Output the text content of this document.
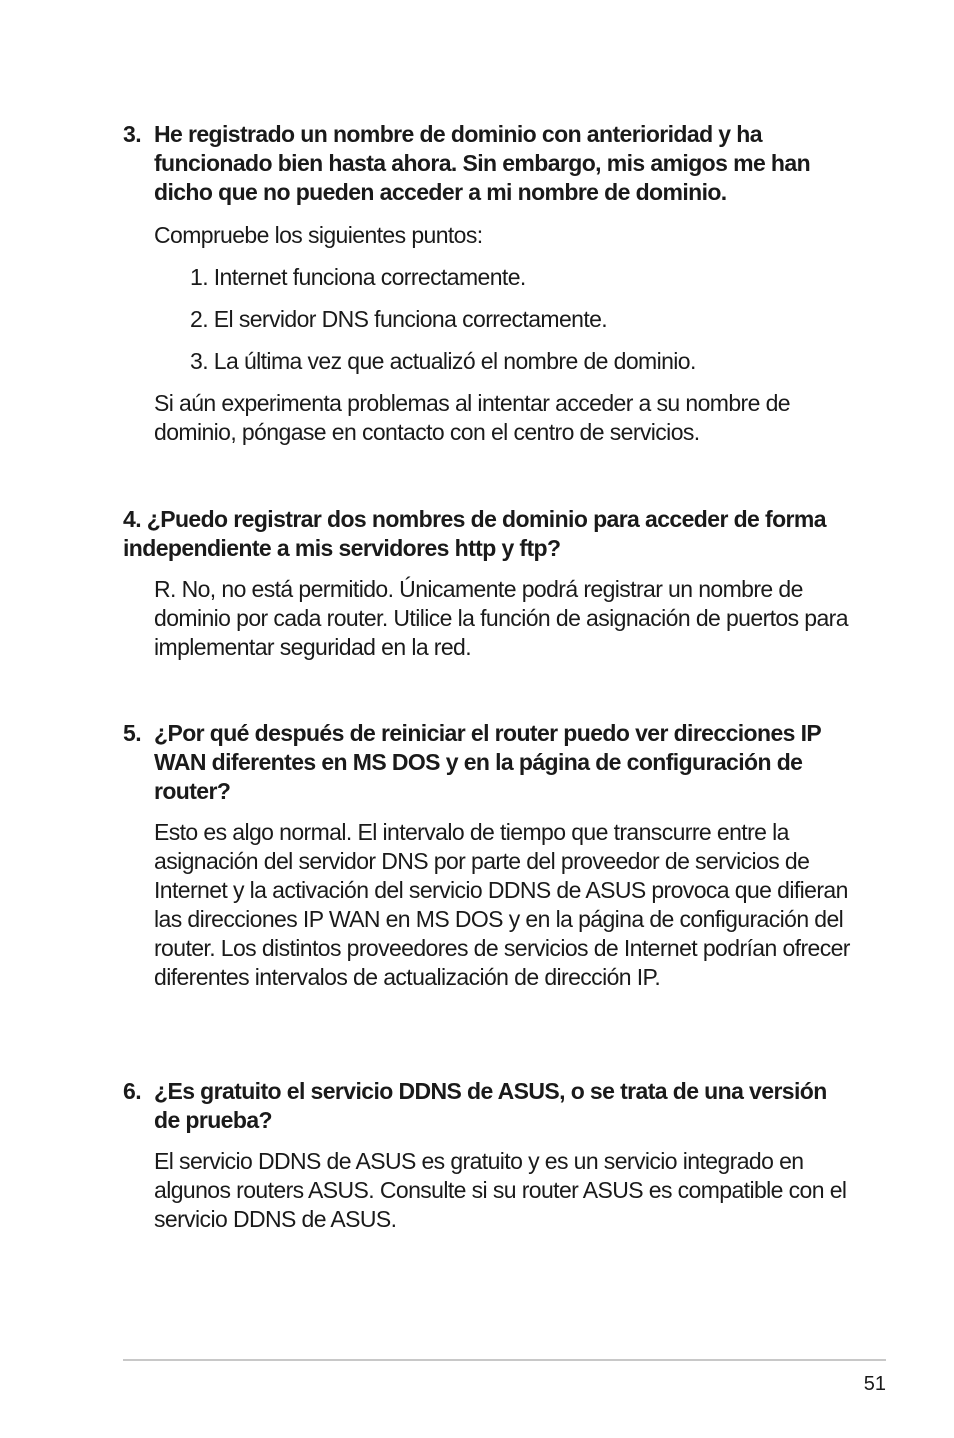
3. He registrado un nombre de dominio con anterioridad y ha funcionado bien hasta ahora. Sin embargo, mis amigos me han dicho que no pueden acceder a mi nombre de dominio.

Compruebe los siguientes puntos:

1. Internet funciona correctamente.
2. El servidor DNS funciona correctamente.
3. La última vez que actualizó el nombre de dominio.

Si aún experimenta problemas al intentar acceder a su nombre de dominio, póngase en contacto con el centro de servicios.

4. ¿Puedo registrar dos nombres de dominio para acceder de forma independiente a mis servidores http y ftp?

R. No, no está permitido. Únicamente podrá registrar un nombre de dominio por cada router. Utilice la función de asignación de puertos para implementar seguridad en la red.

5. ¿Por qué después de reiniciar el router puedo ver direcciones IP WAN diferentes en MS DOS y en la página de configuración de router?

Esto es algo normal. El intervalo de tiempo que transcurre entre la asignación del servidor DNS por parte del proveedor de servicios de Internet y la activación del servicio DDNS de ASUS provoca que difieran las direcciones IP WAN en MS DOS y en la página de configuración del router. Los distintos proveedores de servicios de Internet podrían ofrecer diferentes intervalos de actualización de dirección IP.

6. ¿Es gratuito el servicio DDNS de ASUS, o se trata de una versión de prueba?

El servicio DDNS de ASUS es gratuito y es un servicio integrado en algunos routers ASUS. Consulte si su router ASUS es compatible con el servicio DDNS de ASUS.

51
